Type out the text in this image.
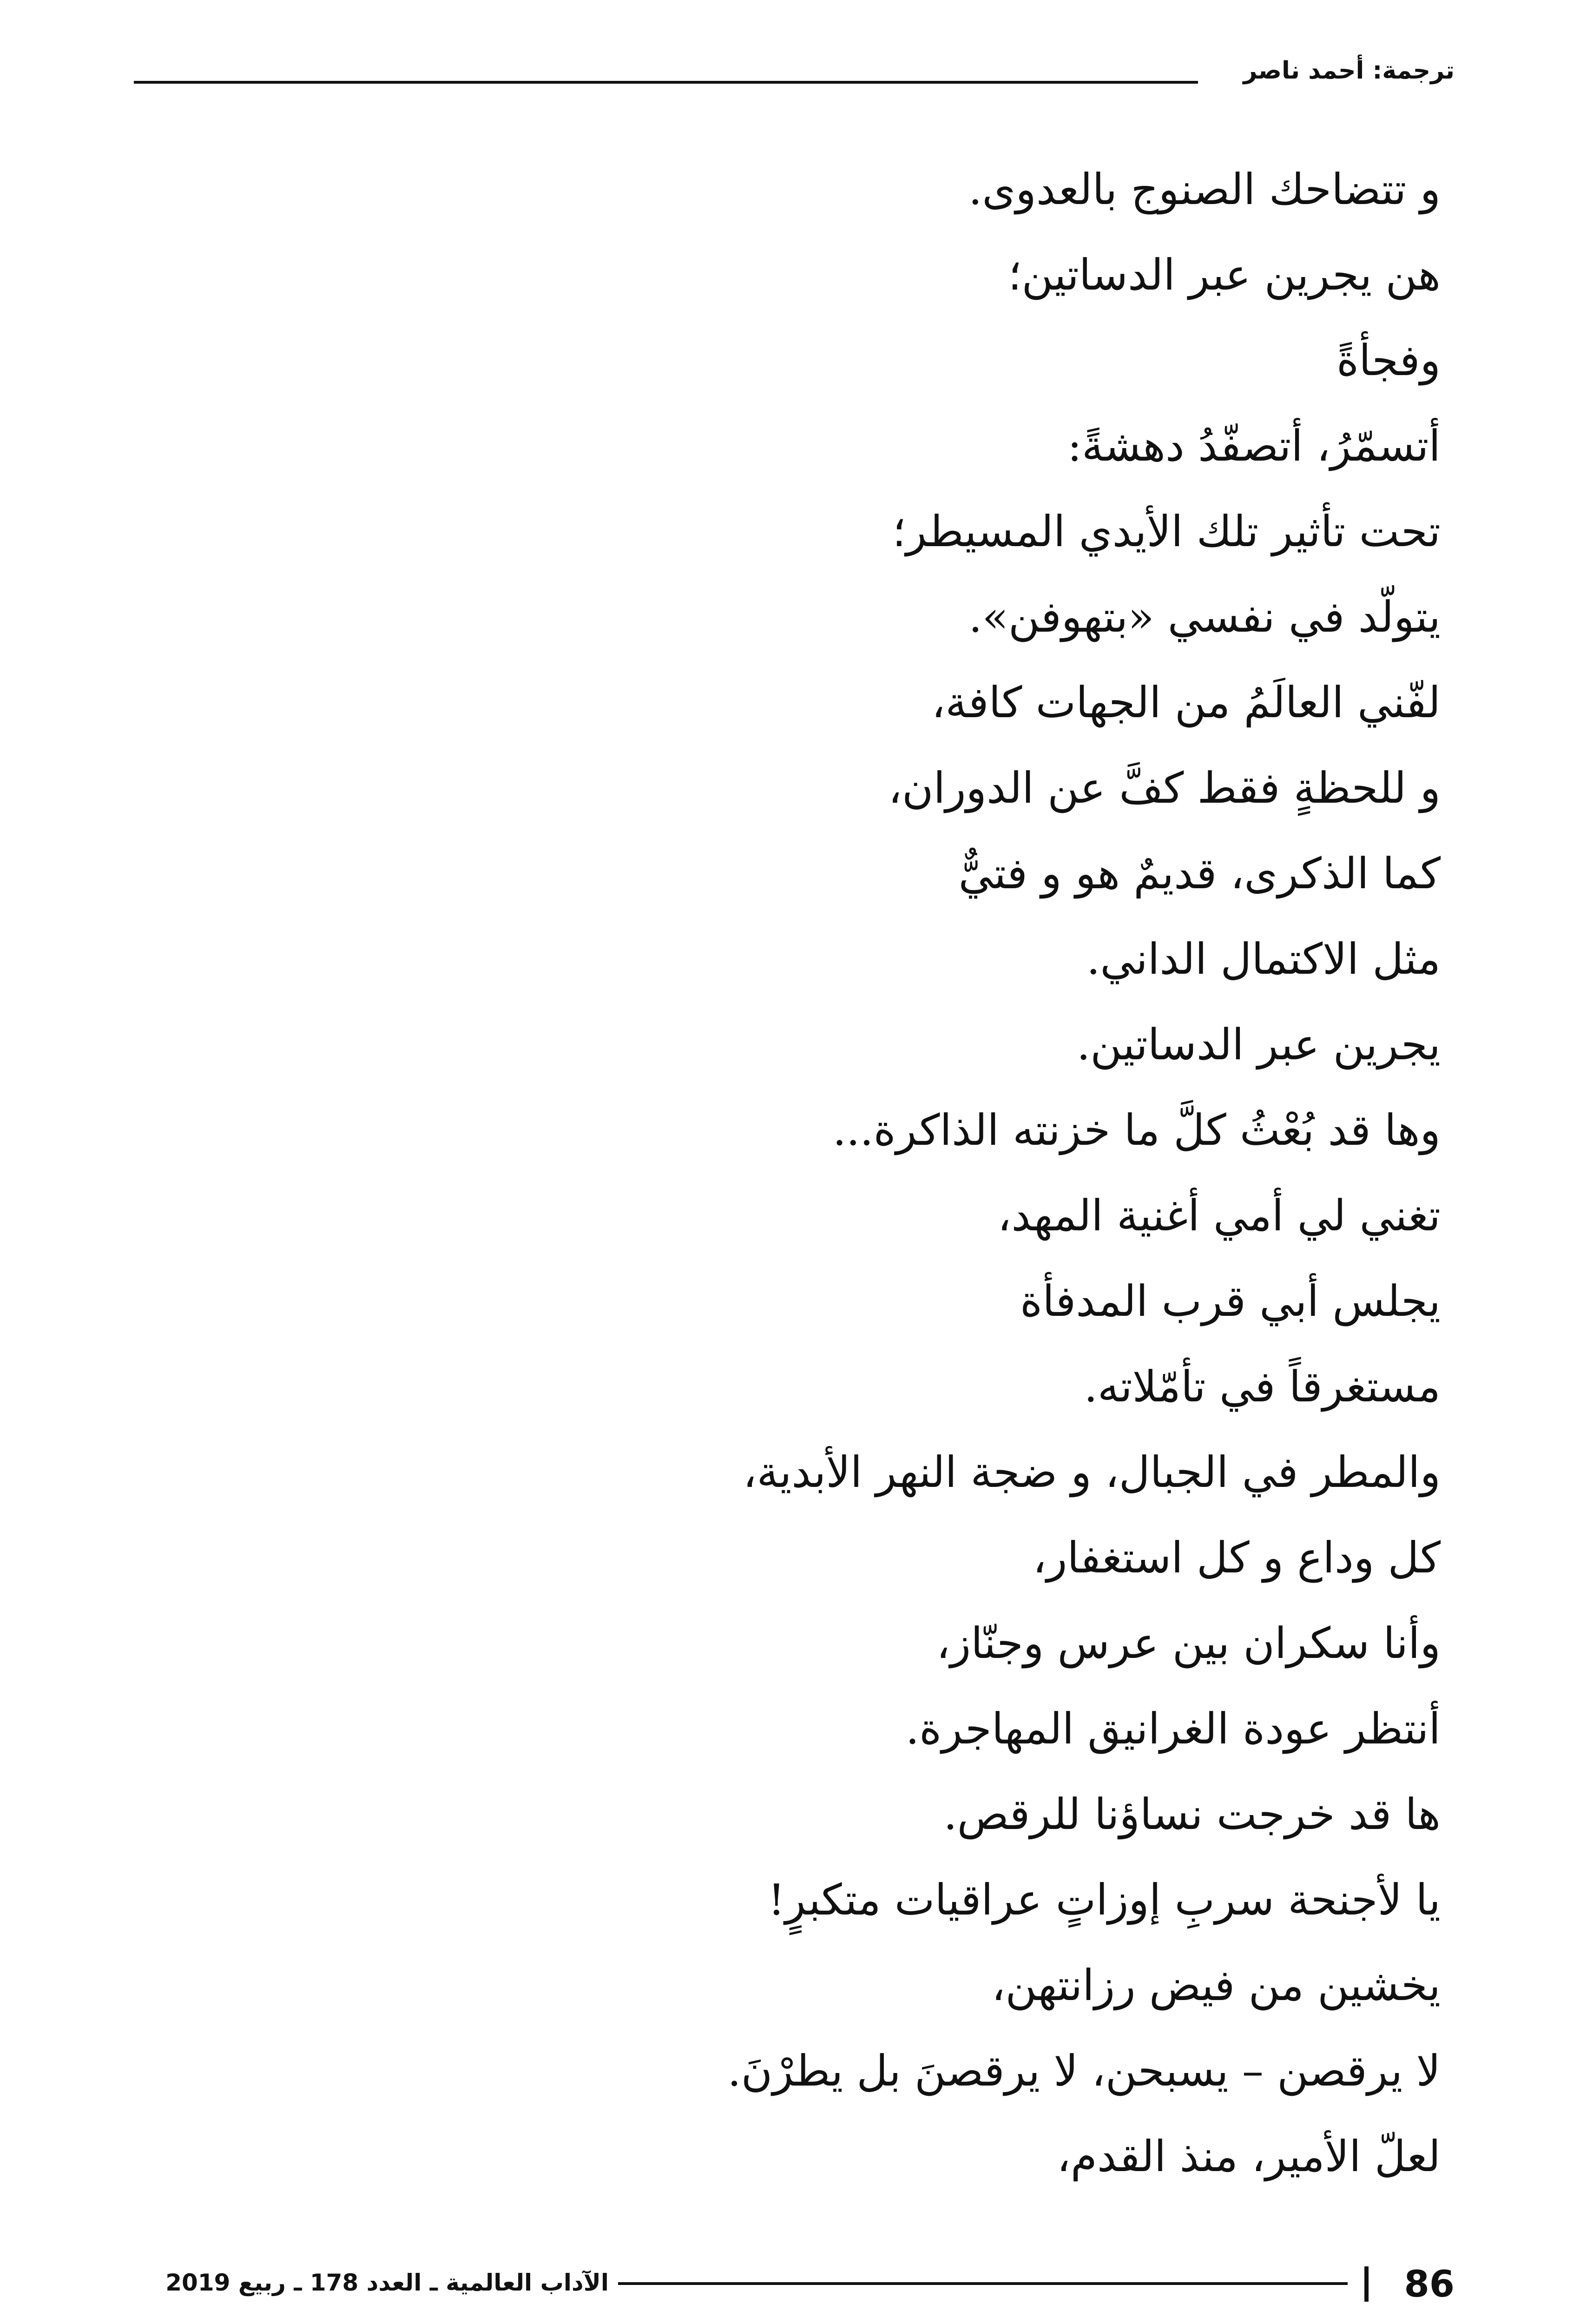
ترجمة: أحمد ناصر
و تتضاحك الصنوج بالعدوى.
هن يجرين عبر الدساتين؛
وفجأةً
أتسمّرُ، أتصفّدُ دهشةً:
تحت تأثير تلك الأيدي المسيطر؛
يتولّد في نفسي «بتهوفن».
لفّني العالَمُ من الجهات كافة،
و للحظةٍ فقط كفَّ عن الدوران،
كما الذكرى، قديمٌ هو و فتيٌّ
مثل الاكتمال الداني.
يجرين عبر الدساتين.
وها قد بُعْثُ كلَّ ما خزنته الذاكرة...
تغني لي أمي أغنية المهد،
يجلس أبي قرب المدفأة
مستغرقاً في تأمّلاته.
والمطر في الجبال، و ضجة النهر الأبدية،
كل وداع و كل استغفار،
وأنا سكران بين عرس وجنّاز،
أنتظر عودة الغرانيق المهاجرة.
ها قد خرجت نساؤنا للرقص.
يا لأجنحة سربِ إوزاتٍ عراقيات متكبرٍ!
يخشين من فيض رزانتهن،
لا يرقصن – يسبحن، لا يرقصنَ بل يطرْنَ.
لعلّ الأمير، منذ القدم،
86
الآداب العالمية ـ العدد 178 ـ ربيع 2019
